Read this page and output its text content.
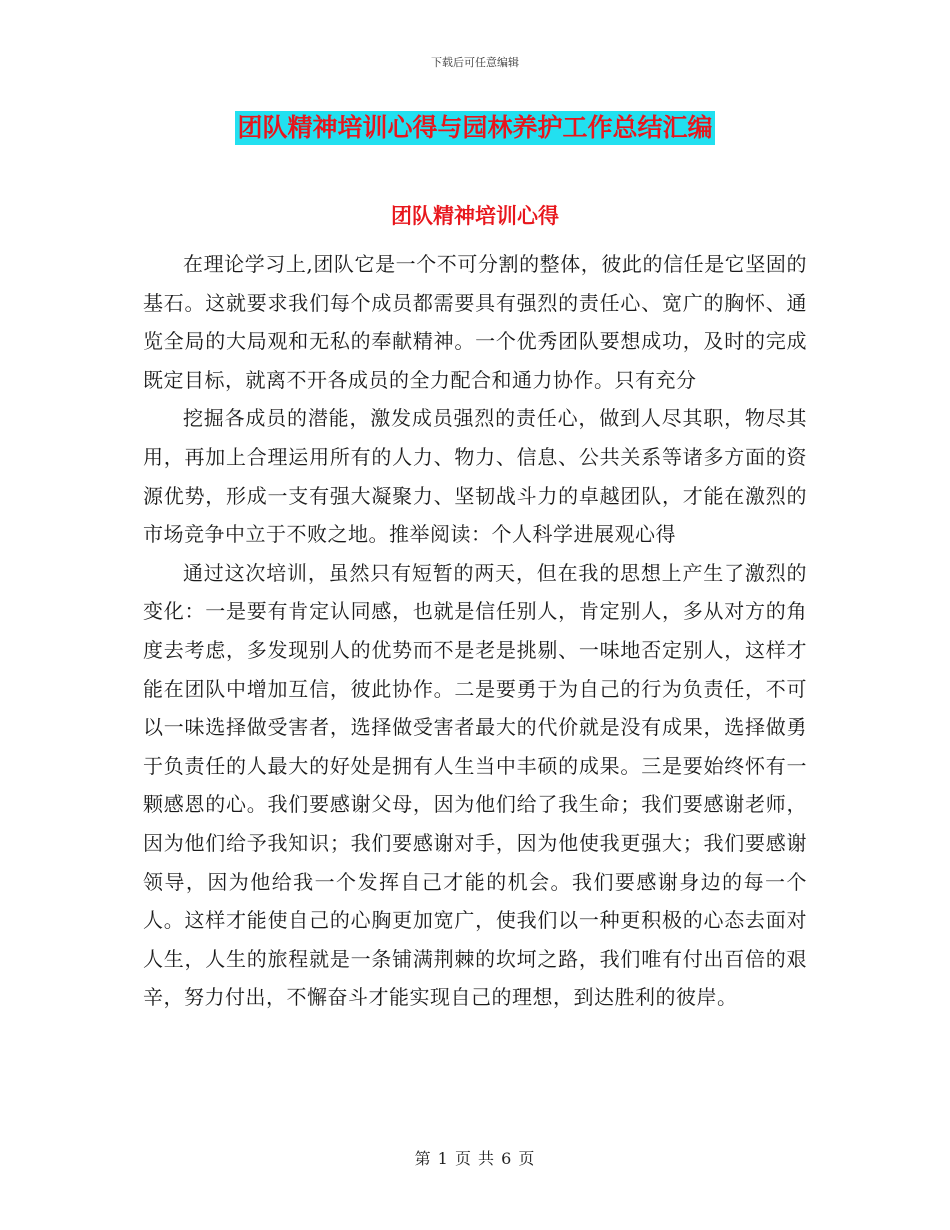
下载后可任意编辑
团队精神培训心得与园林养护工作总结汇编
团队精神培训心得

在理论学习上,团队它是一个不可分割的整体，彼此的信任是它坚固的基石。这就要求我们每个成员都需要具有强烈的责任心、宽广的胸怀、通览全局的大局观和无私的奉献精神。一个优秀团队要想成功，及时的完成既定目标，就离不开各成员的全力配合和通力协作。只有充分

挖掘各成员的潜能，激发成员强烈的责任心，做到人尽其职，物尽其用，再加上合理运用所有的人力、物力、信息、公共关系等诸多方面的资源优势，形成一支有强大凝聚力、坚韧战斗力的卓越团队，才能在激烈的市场竞争中立于不败之地。推举阅读：个人科学进展观心得

通过这次培训，虽然只有短暂的两天，但在我的思想上产生了激烈的变化：一是要有肯定认同感，也就是信任别人，肯定别人，多从对方的角度去考虑，多发现别人的优势而不是老是挑剔、一味地否定别人，这样才能在团队中增加互信，彼此协作。二是要勇于为自己的行为负责任，不可以一味选择做受害者，选择做受害者最大的代价就是没有成果，选择做勇于负责任的人最大的好处是拥有人生当中丰硕的成果。三是要始终怀有一颗感恩的心。我们要感谢父母，因为他们给了我生命；我们要感谢老师，因为他们给予我知识；我们要感谢对手，因为他使我更强大；我们要感谢领导，因为他给我一个发挥自己才能的机会。我们要感谢身边的每一个人。这样才能使自己的心胸更加宽广，使我们以一种更积极的心态去面对人生，人生的旅程就是一条铺满荆棘的坎坷之路，我们唯有付出百倍的艰辛，努力付出，不懈奋斗才能实现自己的理想，到达胜利的彼岸。

第 1 页 共 6 页
